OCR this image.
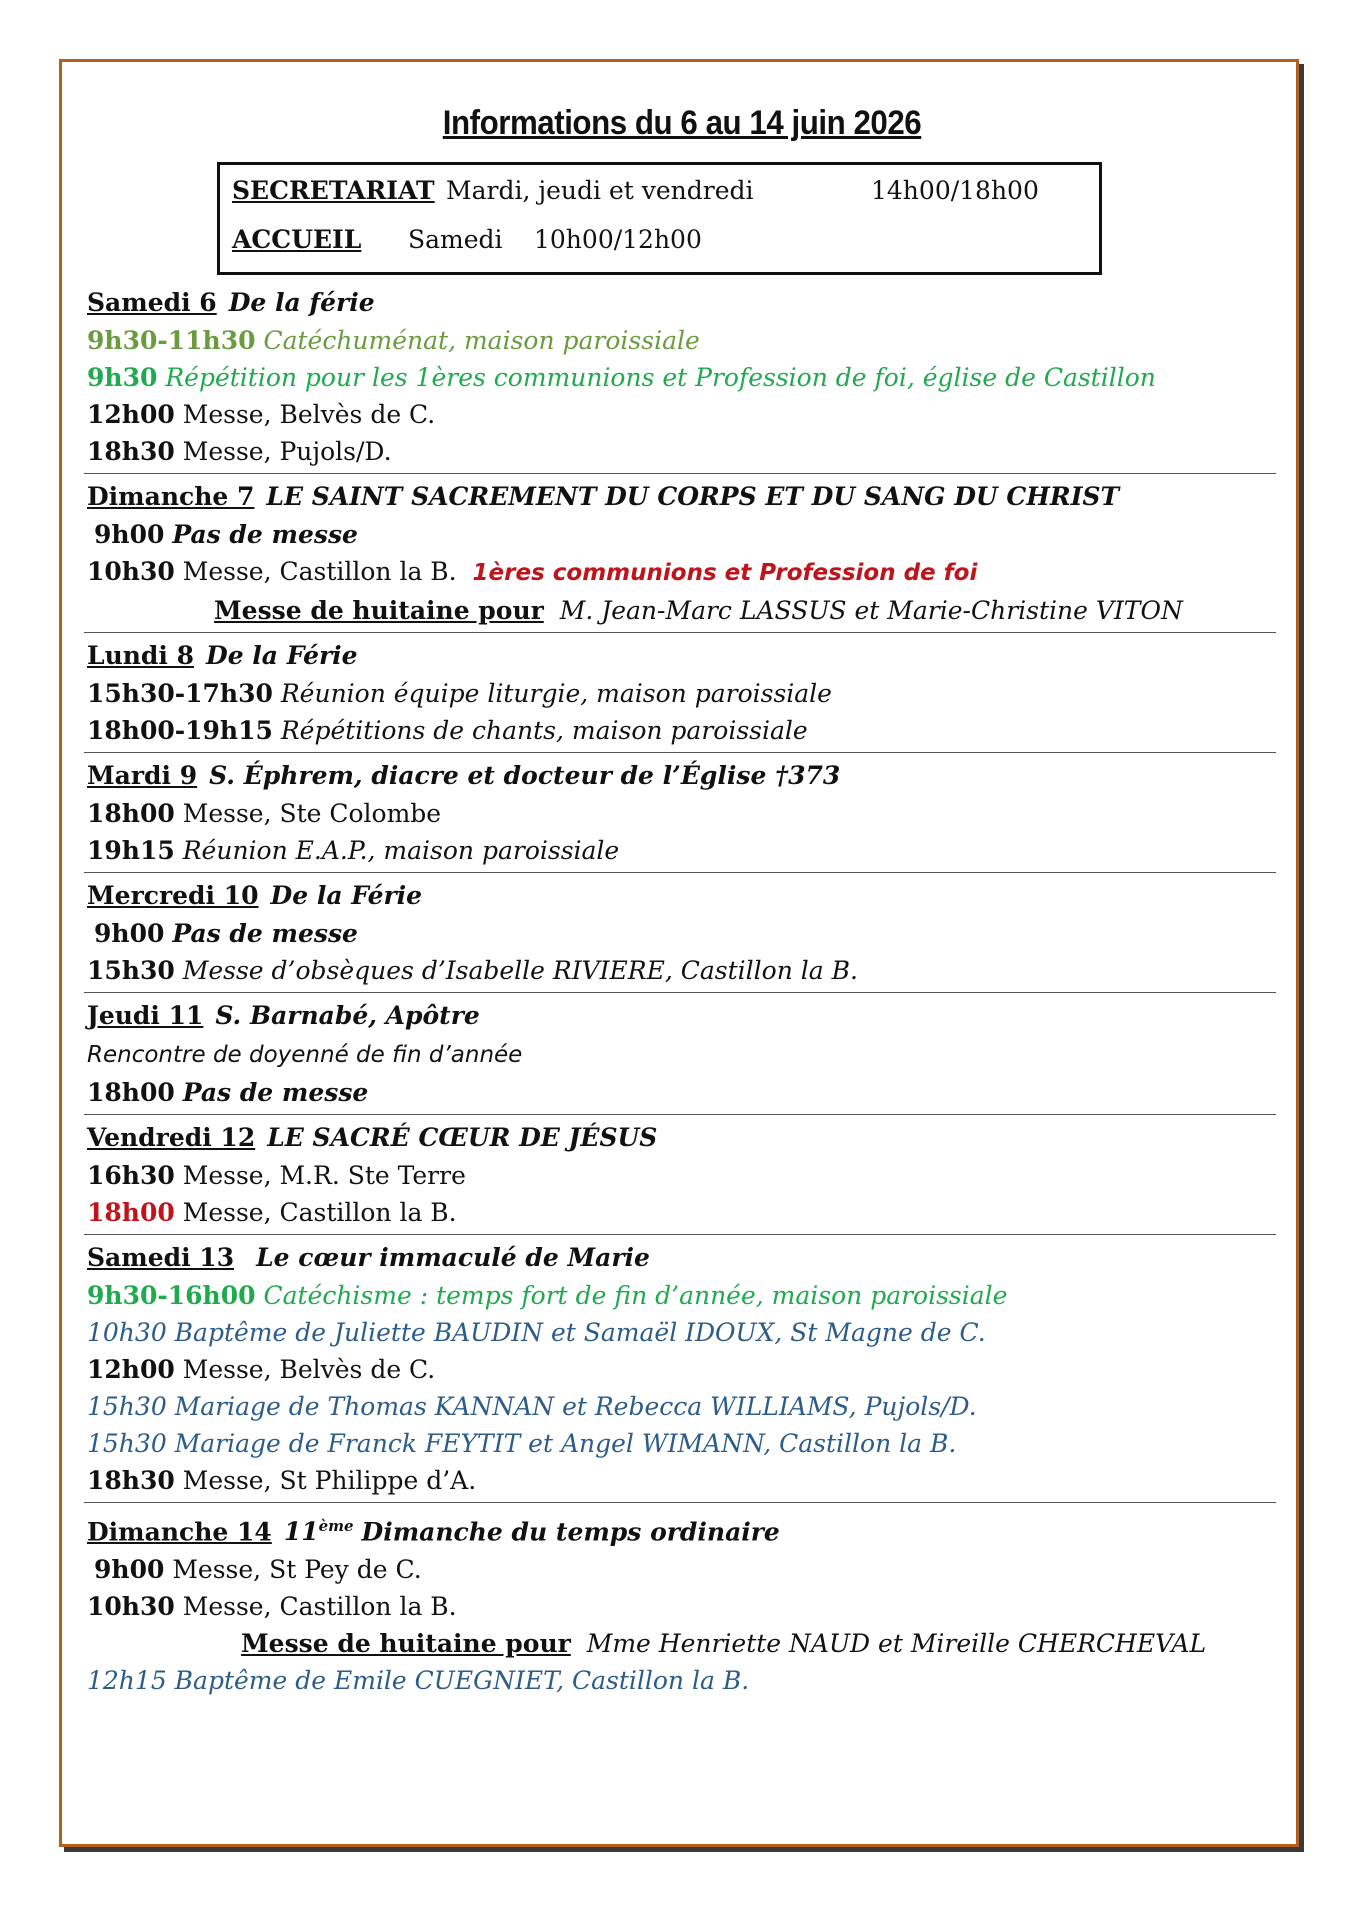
Informations du 6 au 14 juin 2026
SECRETARIAT Mardi, jeudi et vendredi	14h00/18h00
ACCUEIL Samedi 10h00/12h00
Samedi 6 De la férie
9h30-11h30 Catéchuménat, maison paroissiale
9h30 Répétition pour les 1ères communions et Profession de foi, église de Castillon
12h00 Messe, Belvès de C.
18h30 Messe, Pujols/D.
Dimanche 7 LE SAINT SACREMENT DU CORPS ET DU SANG DU CHRIST
9h00 Pas de messe
10h30 Messe, Castillon la B. 1ères communions et Profession de foi
Messe de huitaine pour M. Jean-Marc LASSUS et Marie-Christine VITON
Lundi 8 De la Férie
15h30-17h30 Réunion équipe liturgie, maison paroissiale
18h00-19h15 Répétitions de chants, maison paroissiale
Mardi 9 S. Éphrem, diacre et docteur de l’Église †373
18h00 Messe, Ste Colombe
19h15 Réunion E.A.P., maison paroissiale
Mercredi 10 De la Férie
9h00 Pas de messe
15h30 Messe d’obsèques d’Isabelle RIVIERE, Castillon la B.
Jeudi 11 S. Barnabé, Apôtre
Rencontre de doyenné de fin d’année
18h00 Pas de messe
Vendredi 12 LE SACRÉ CŒUR DE JÉSUS
16h30 Messe, M.R. Ste Terre
18h00 Messe, Castillon la B.
Samedi 13 Le cœur immaculé de Marie
9h30-16h00 Catéchisme : temps fort de fin d’année, maison paroissiale
10h30 Baptême de Juliette BAUDIN et Samaël IDOUX, St Magne de C.
12h00 Messe, Belvès de C.
15h30 Mariage de Thomas KANNAN et Rebecca WILLIAMS, Pujols/D.
15h30 Mariage de Franck FEYTIT et Angel WIMANN, Castillon la B.
18h30 Messe, St Philippe d’A.
Dimanche 14 11ème Dimanche du temps ordinaire
9h00 Messe, St Pey de C.
10h30 Messe, Castillon la B.
Messe de huitaine pour Mme Henriette NAUD et Mireille CHERCHEVAL
12h15 Baptême de Emile CUEGNIET, Castillon la B.
